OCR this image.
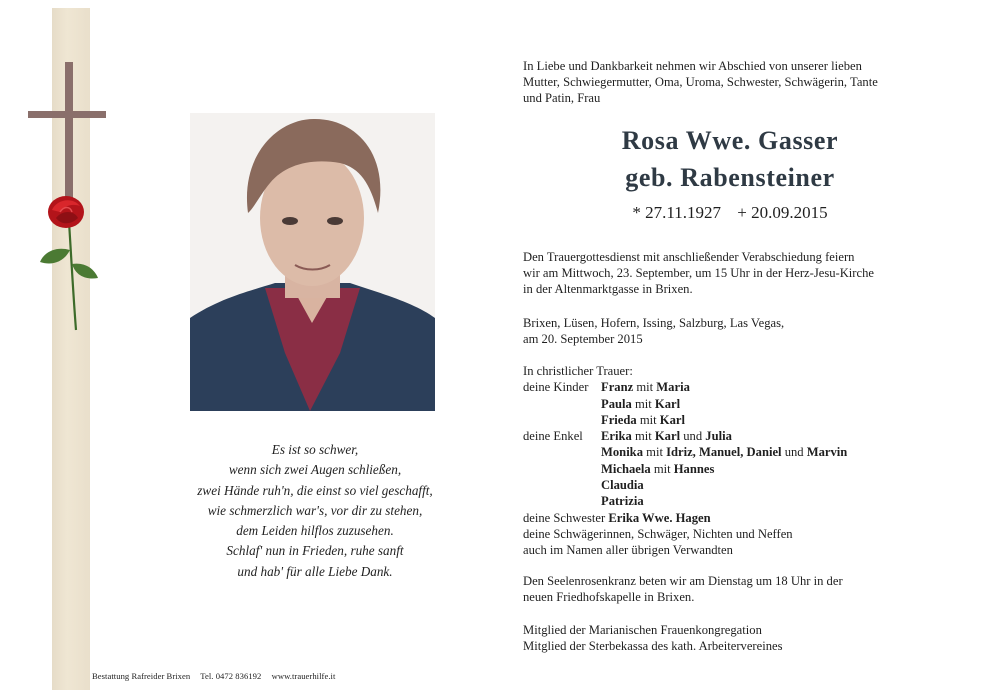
Es ist so schwer,
wenn sich zwei Augen schließen,
zwei Hände ruh'n, die einst so viel geschafft,
wie schmerzlich war's, vor dir zu stehen,
dem Leiden hilflos zuzusehen.
Schlaf' nun in Frieden, ruhe sanft
und hab' für alle Liebe Dank.
Bestattung Rafreider Brixen Tel. 0472 836192 www.trauerhilfe.it
In Liebe und Dankbarkeit nehmen wir Abschied von unserer lieben
Mutter, Schwiegermutter, Oma, Uroma, Schwester, Schwägerin, Tante
und Patin, Frau
Rosa Wwe. Gasser
geb. Rabensteiner
* 27.11.1927 + 20.09.2015
Den Trauergottesdienst mit anschließender Verabschiedung feiern
wir am Mittwoch, 23. September, um 15 Uhr in der Herz-Jesu-Kirche
in der Altenmarktgasse in Brixen.
Brixen, Lüsen, Hofern, Issing, Salzburg, Las Vegas,
am 20. September 2015
In christlicher Trauer:
deine Kinder Franz mit Maria
Paula mit Karl
Frieda mit Karl
deine Enkel Erika mit Karl und Julia
Monika mit Idriz, Manuel, Daniel und Marvin
Michaela mit Hannes
Claudia
Patrizia
deine Schwester Erika Wwe. Hagen
deine Schwägerinnen, Schwäger, Nichten und Neffen
auch im Namen aller übrigen Verwandten
Den Seelenrosenkranz beten wir am Dienstag um 18 Uhr in der
neuen Friedhofskapelle in Brixen.
Mitglied der Marianischen Frauenkongregation
Mitglied der Sterbekassa des kath. Arbeitervereines
